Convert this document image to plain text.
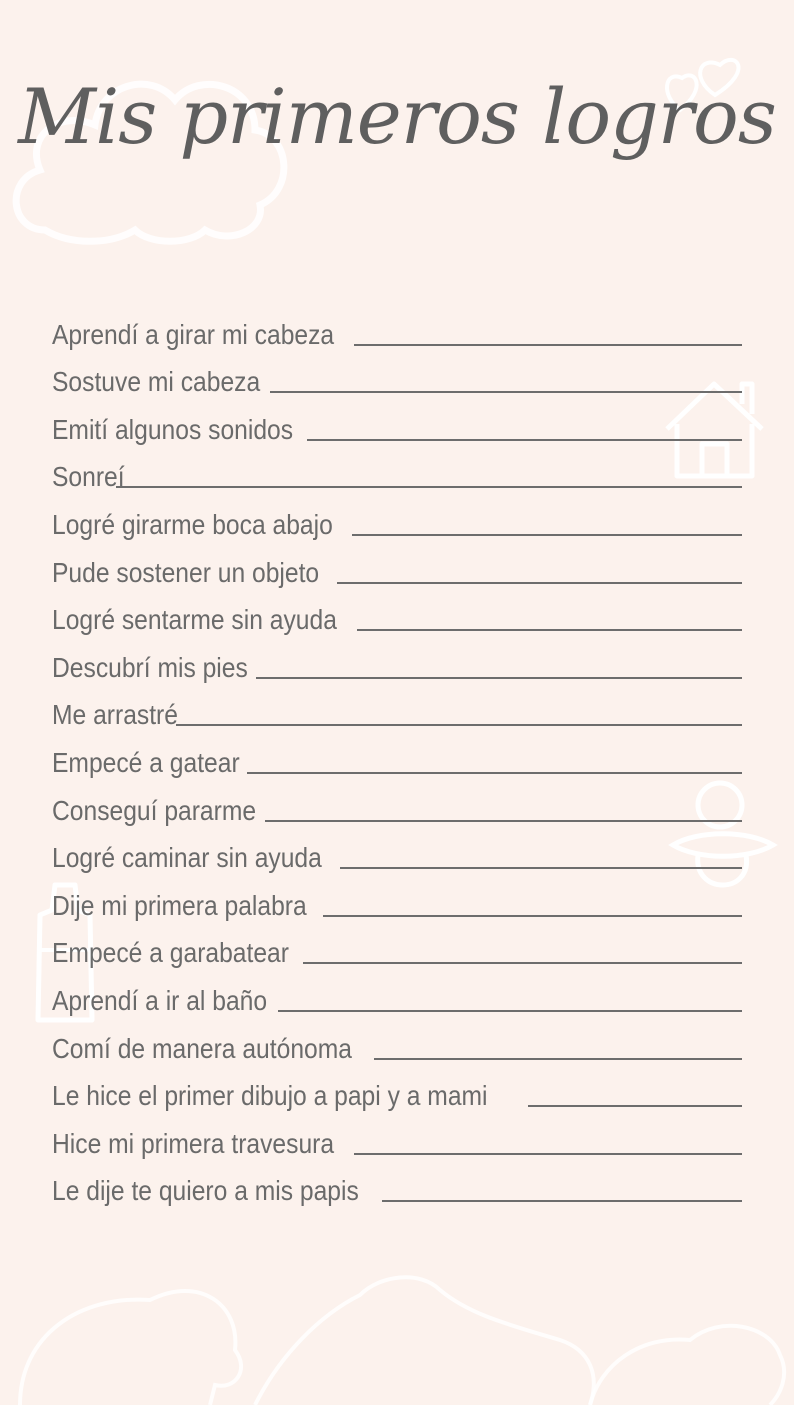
Mis primeros logros
Aprendí a girar mi cabeza
Sostuve mi cabeza
Emití algunos sonidos
Sonreí
Logré girarme boca abajo
Pude sostener un objeto
Logré sentarme sin ayuda
Descubrí mis pies
Me arrastré
Empecé a gatear
Conseguí pararme
Logré caminar sin ayuda
Dije mi primera palabra
Empecé a garabatear
Aprendí a ir al baño
Comí de manera autónoma
Le hice el primer dibujo a papi y a mami
Hice mi primera travesura
Le dije te quiero a mis papis
